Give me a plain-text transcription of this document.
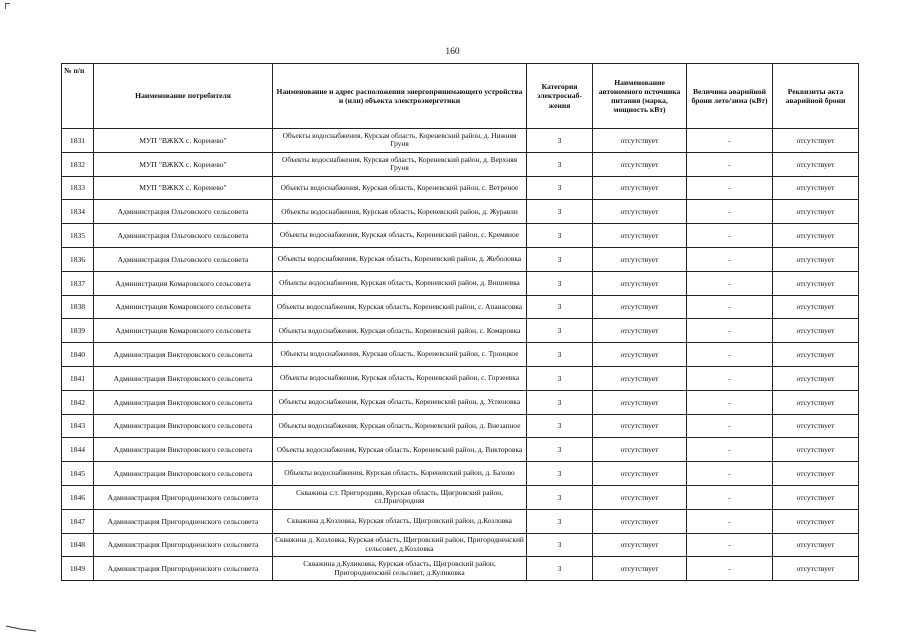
160
№ п/п	Наименование потребителя	Наименование и адрес расположения энергопринимающего устройства и (или) объекта электроэнергетики	Категория электроснаб-жения	Наименование автономного источника питания (марка, мощность кВт)	Величина аварийной брони лето/зима (кВт)	Реквизиты акта аварийной брони
1831	МУП "ВЖКХ с. Коренево"	Объекты водоснабжения, Курская область, Кореневский район, д. Нижняя Груня	3	отсутствует	-	отсутствует
1832	МУП "ВЖКХ с. Коренево"	Объекты водоснабжения, Курская область, Кореневский район, д. Верхняя Груня	3	отсутствует	-	отсутствует
1833	МУП "ВЖКХ с. Коренево"	Объекты водоснабжения, Курская область, Кореневский район, с. Ветреное	3	отсутствует	-	отсутствует
1834	Администрация Ольговского сельсовета	Объекты водоснабжения, Курская область, Кореневский район, д. Журавли	3	отсутствует	-	отсутствует
1835	Администрация Ольговского сельсовета	Объекты водоснабжения, Курская область, Кореневский район, с. Кремяное	3	отсутствует	-	отсутствует
1836	Администрация Ольговского сельсовета	Объекты водоснабжения, Курская область, Кореневский район, д. Жеболовка	3	отсутствует	-	отсутствует
1837	Администрация Комаровского сельсовета	Объекты водоснабжения, Курская область, Кореневский район, д. Вишневка	3	отсутствует	-	отсутствует
1838	Администрация Комаровского сельсовета	Объекты водоснабжения, Курская область, Кореневский район, с. Апанасовка	3	отсутствует	-	отсутствует
1839	Администрация Комаровского сельсовета	Объекты водоснабжения, Курская область, Кореневский район, с. Комаровка	3	отсутствует	-	отсутствует
1840	Администрация Викторовского сельсовета	Объекты водоснабжения, Курская область, Кореневский район, с. Троицкое	3	отсутствует	-	отсутствует
1841	Администрация Викторовского сельсовета	Объекты водоснабжения, Курская область, Кореневский район, с. Горзеевка	3	отсутствует	-	отсутствует
1842	Администрация Викторовского сельсовета	Объекты водоснабжения, Курская область, Кореневский район, д. Успеновка	3	отсутствует	-	отсутствует
1843	Администрация Викторовского сельсовета	Объекты водоснабжения, Курская область, Кореневский район, д. Внезапное	3	отсутствует	-	отсутствует
1844	Администрация Викторовского сельсовета	Объекты водоснабжения, Курская область, Кореневский район, д. Викторовка	3	отсутствует	-	отсутствует
1845	Администрация Викторовского сельсовета	Объекты водоснабжения, Курская область, Кореневский район, д. Бахово	3	отсутствует	-	отсутствует
1846	Администрация Пригородненского сельсовета	Скважина с.т. Пригородняя, Курская область, Щигровский район, сл.Пригородняя	3	отсутствует	-	отсутствует
1847	Администрация Пригородненского сельсовета	Скважина д.Козловка, Курская область, Щигровский район, д.Козловка	3	отсутствует	-	отсутствует
1848	Администрация Пригородненского сельсовета	Скважина д. Козловка, Курская область, Щигровский район, Пригородненский сельсовет, д.Козловка	3	отсутствует	-	отсутствует
1849	Администрация Пригородненского сельсовета	Скважина д.Куликовка, Курская область, Щигровский район, Пригородненский сельсовет, д.Куликовка	3	отсутствует	-	отсутствует
